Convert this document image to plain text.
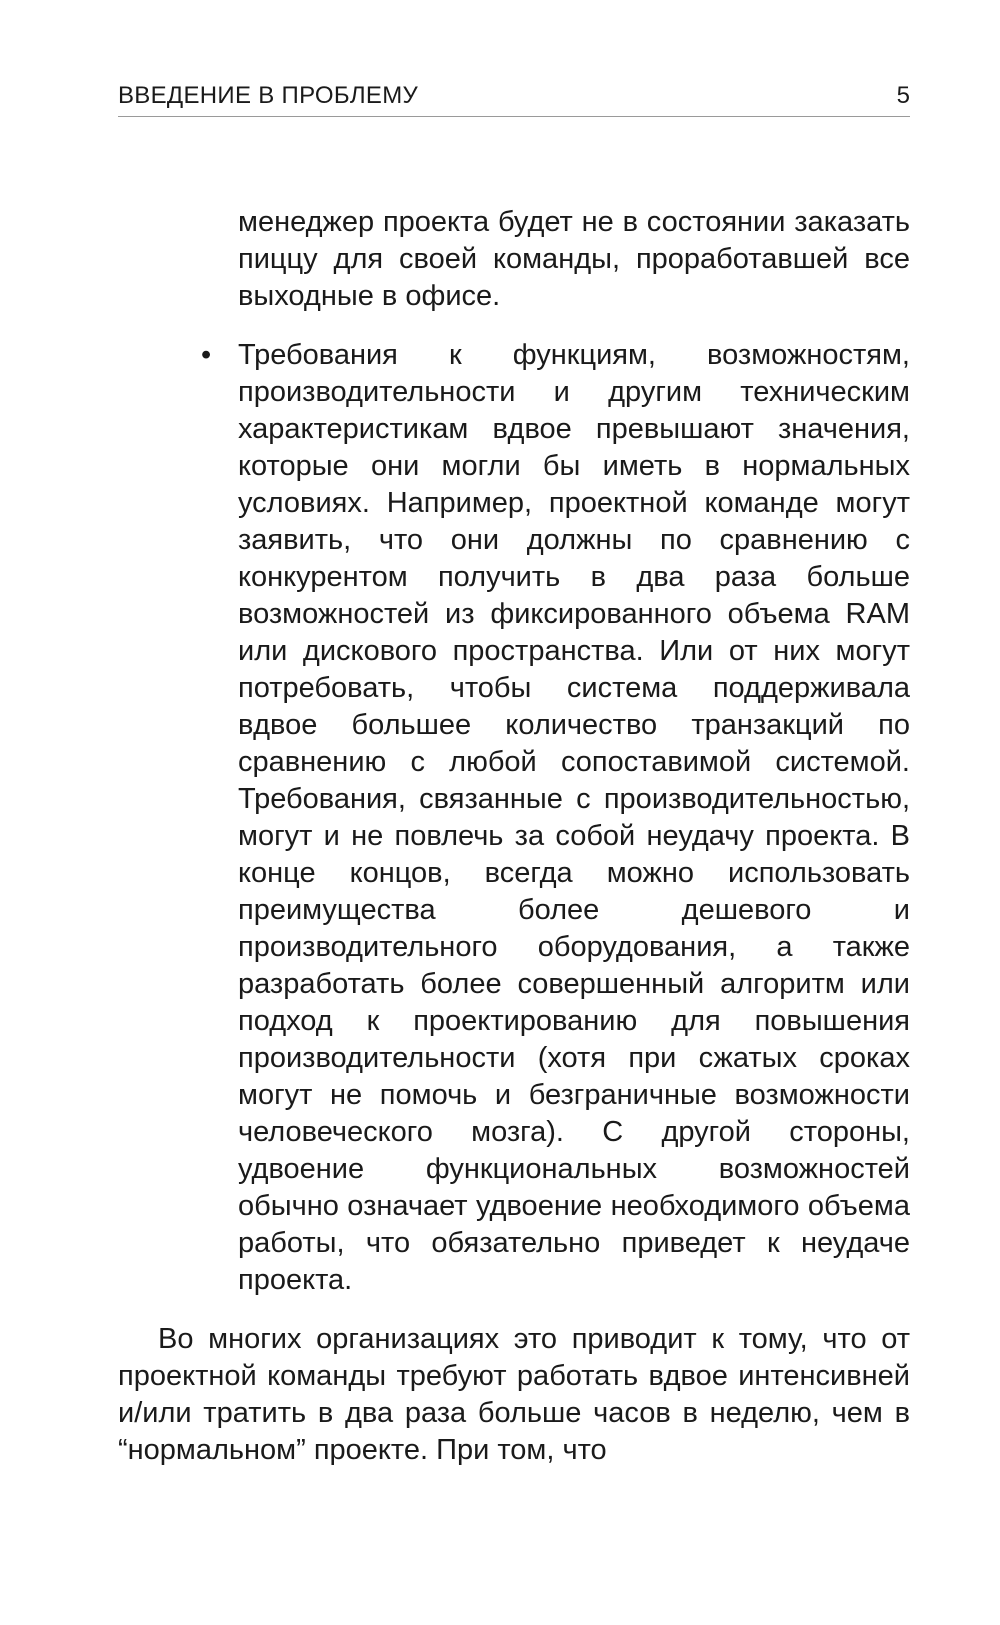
ВВЕДЕНИЕ В ПРОБЛЕМУ	5

менеджер проекта будет не в состоянии заказать пиццу для своей команды, проработавшей все выходные в офисе.

• Требования к функциям, возможностям, производительности и другим техническим характеристикам вдвое превышают значения, которые они могли бы иметь в нормальных условиях. Например, проектной команде могут заявить, что они должны по сравнению с конкурентом получить в два раза больше возможностей из фиксированного объема RAM или дискового пространства. Или от них могут потребовать, чтобы система поддерживала вдвое большее количество транзакций по сравнению с любой сопоставимой системой. Требования, связанные с производительностью, могут и не повлечь за собой неудачу проекта. В конце концов, всегда можно использовать преимущества более дешевого и производительного оборудования, а также разработать более совершенный алгоритм или подход к проектированию для повышения производительности (хотя при сжатых сроках могут не помочь и безграничные возможности человеческого мозга). С другой стороны, удвоение функциональных возможностей обычно означает удвоение необходимого объема работы, что обязательно приведет к неудаче проекта.

Во многих организациях это приводит к тому, что от проектной команды требуют работать вдвое интенсивней и/или тратить в два раза больше часов в неделю, чем в “нормальном” проекте. При том, что
